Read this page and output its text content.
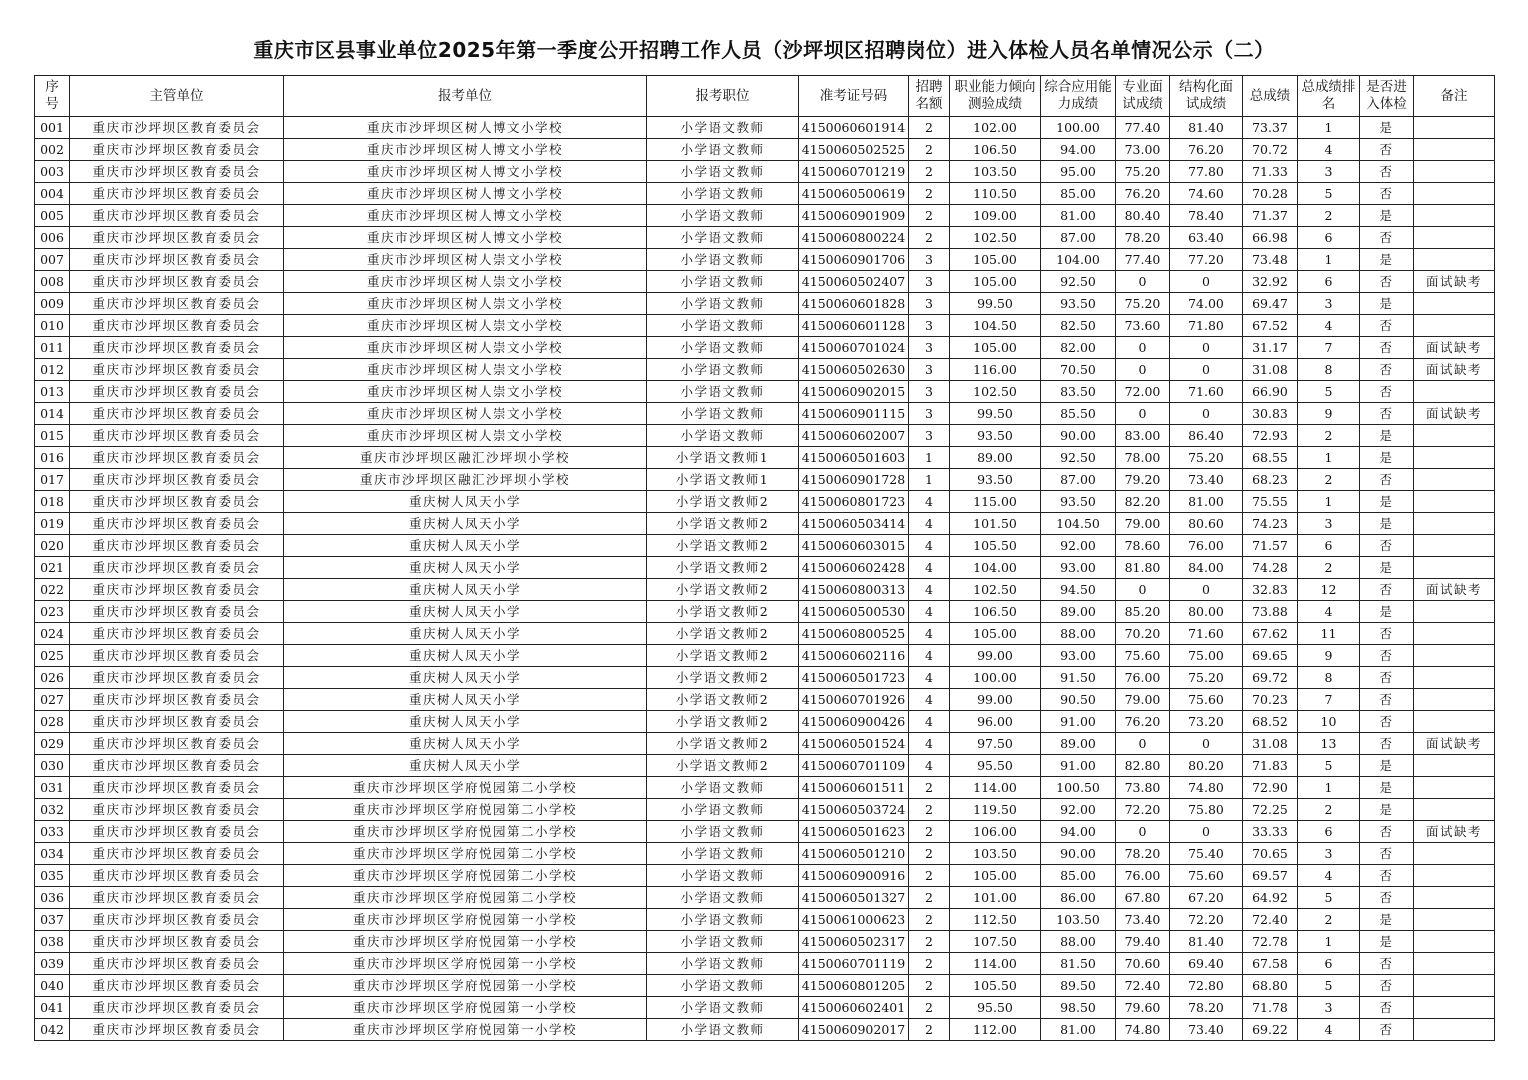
重庆市区县事业单位2025年第一季度公开招聘工作人员（沙坪坝区招聘岗位）进入体检人员名单情况公示（二）
序号	主管单位	报考单位	报考职位	准考证号码	招聘名额	职业能力倾向测验成绩	综合应用能力成绩	专业面试成绩	结构化面试成绩	总成绩	总成绩排名	是否进入体检	备注
001	重庆市沙坪坝区教育委员会	重庆市沙坪坝区树人博文小学校	小学语文教师	4150060601914	2	102.00	100.00	77.40	81.40	73.37	1	是	
002	重庆市沙坪坝区教育委员会	重庆市沙坪坝区树人博文小学校	小学语文教师	4150060502525	2	106.50	94.00	73.00	76.20	70.72	4	否	
003	重庆市沙坪坝区教育委员会	重庆市沙坪坝区树人博文小学校	小学语文教师	4150060701219	2	103.50	95.00	75.20	77.80	71.33	3	否	
004	重庆市沙坪坝区教育委员会	重庆市沙坪坝区树人博文小学校	小学语文教师	4150060500619	2	110.50	85.00	76.20	74.60	70.28	5	否	
005	重庆市沙坪坝区教育委员会	重庆市沙坪坝区树人博文小学校	小学语文教师	4150060901909	2	109.00	81.00	80.40	78.40	71.37	2	是	
006	重庆市沙坪坝区教育委员会	重庆市沙坪坝区树人博文小学校	小学语文教师	4150060800224	2	102.50	87.00	78.20	63.40	66.98	6	否	
007	重庆市沙坪坝区教育委员会	重庆市沙坪坝区树人崇文小学校	小学语文教师	4150060901706	3	105.00	104.00	77.40	77.20	73.48	1	是	
008	重庆市沙坪坝区教育委员会	重庆市沙坪坝区树人崇文小学校	小学语文教师	4150060502407	3	105.00	92.50	0	0	32.92	6	否	面试缺考
009	重庆市沙坪坝区教育委员会	重庆市沙坪坝区树人崇文小学校	小学语文教师	4150060601828	3	99.50	93.50	75.20	74.00	69.47	3	是	
010	重庆市沙坪坝区教育委员会	重庆市沙坪坝区树人崇文小学校	小学语文教师	4150060601128	3	104.50	82.50	73.60	71.80	67.52	4	否	
011	重庆市沙坪坝区教育委员会	重庆市沙坪坝区树人崇文小学校	小学语文教师	4150060701024	3	105.00	82.00	0	0	31.17	7	否	面试缺考
012	重庆市沙坪坝区教育委员会	重庆市沙坪坝区树人崇文小学校	小学语文教师	4150060502630	3	116.00	70.50	0	0	31.08	8	否	面试缺考
013	重庆市沙坪坝区教育委员会	重庆市沙坪坝区树人崇文小学校	小学语文教师	4150060902015	3	102.50	83.50	72.00	71.60	66.90	5	否	
014	重庆市沙坪坝区教育委员会	重庆市沙坪坝区树人崇文小学校	小学语文教师	4150060901115	3	99.50	85.50	0	0	30.83	9	否	面试缺考
015	重庆市沙坪坝区教育委员会	重庆市沙坪坝区树人崇文小学校	小学语文教师	4150060602007	3	93.50	90.00	83.00	86.40	72.93	2	是	
016	重庆市沙坪坝区教育委员会	重庆市沙坪坝区融汇沙坪坝小学校	小学语文教师1	4150060501603	1	89.00	92.50	78.00	75.20	68.55	1	是	
017	重庆市沙坪坝区教育委员会	重庆市沙坪坝区融汇沙坪坝小学校	小学语文教师1	4150060901728	1	93.50	87.00	79.20	73.40	68.23	2	否	
018	重庆市沙坪坝区教育委员会	重庆树人凤天小学	小学语文教师2	4150060801723	4	115.00	93.50	82.20	81.00	75.55	1	是	
019	重庆市沙坪坝区教育委员会	重庆树人凤天小学	小学语文教师2	4150060503414	4	101.50	104.50	79.00	80.60	74.23	3	是	
020	重庆市沙坪坝区教育委员会	重庆树人凤天小学	小学语文教师2	4150060603015	4	105.50	92.00	78.60	76.00	71.57	6	否	
021	重庆市沙坪坝区教育委员会	重庆树人凤天小学	小学语文教师2	4150060602428	4	104.00	93.00	81.80	84.00	74.28	2	是	
022	重庆市沙坪坝区教育委员会	重庆树人凤天小学	小学语文教师2	4150060800313	4	102.50	94.50	0	0	32.83	12	否	面试缺考
023	重庆市沙坪坝区教育委员会	重庆树人凤天小学	小学语文教师2	4150060500530	4	106.50	89.00	85.20	80.00	73.88	4	是	
024	重庆市沙坪坝区教育委员会	重庆树人凤天小学	小学语文教师2	4150060800525	4	105.00	88.00	70.20	71.60	67.62	11	否	
025	重庆市沙坪坝区教育委员会	重庆树人凤天小学	小学语文教师2	4150060602116	4	99.00	93.00	75.60	75.00	69.65	9	否	
026	重庆市沙坪坝区教育委员会	重庆树人凤天小学	小学语文教师2	4150060501723	4	100.00	91.50	76.00	75.20	69.72	8	否	
027	重庆市沙坪坝区教育委员会	重庆树人凤天小学	小学语文教师2	4150060701926	4	99.00	90.50	79.00	75.60	70.23	7	否	
028	重庆市沙坪坝区教育委员会	重庆树人凤天小学	小学语文教师2	4150060900426	4	96.00	91.00	76.20	73.20	68.52	10	否	
029	重庆市沙坪坝区教育委员会	重庆树人凤天小学	小学语文教师2	4150060501524	4	97.50	89.00	0	0	31.08	13	否	面试缺考
030	重庆市沙坪坝区教育委员会	重庆树人凤天小学	小学语文教师2	4150060701109	4	95.50	91.00	82.80	80.20	71.83	5	是	
031	重庆市沙坪坝区教育委员会	重庆市沙坪坝区学府悦园第二小学校	小学语文教师	4150060601511	2	114.00	100.50	73.80	74.80	72.90	1	是	
032	重庆市沙坪坝区教育委员会	重庆市沙坪坝区学府悦园第二小学校	小学语文教师	4150060503724	2	119.50	92.00	72.20	75.80	72.25	2	是	
033	重庆市沙坪坝区教育委员会	重庆市沙坪坝区学府悦园第二小学校	小学语文教师	4150060501623	2	106.00	94.00	0	0	33.33	6	否	面试缺考
034	重庆市沙坪坝区教育委员会	重庆市沙坪坝区学府悦园第二小学校	小学语文教师	4150060501210	2	103.50	90.00	78.20	75.40	70.65	3	否	
035	重庆市沙坪坝区教育委员会	重庆市沙坪坝区学府悦园第二小学校	小学语文教师	4150060900916	2	105.00	85.00	76.00	75.60	69.57	4	否	
036	重庆市沙坪坝区教育委员会	重庆市沙坪坝区学府悦园第二小学校	小学语文教师	4150060501327	2	101.00	86.00	67.80	67.20	64.92	5	否	
037	重庆市沙坪坝区教育委员会	重庆市沙坪坝区学府悦园第一小学校	小学语文教师	4150061000623	2	112.50	103.50	73.40	72.20	72.40	2	是	
038	重庆市沙坪坝区教育委员会	重庆市沙坪坝区学府悦园第一小学校	小学语文教师	4150060502317	2	107.50	88.00	79.40	81.40	72.78	1	是	
039	重庆市沙坪坝区教育委员会	重庆市沙坪坝区学府悦园第一小学校	小学语文教师	4150060701119	2	114.00	81.50	70.60	69.40	67.58	6	否	
040	重庆市沙坪坝区教育委员会	重庆市沙坪坝区学府悦园第一小学校	小学语文教师	4150060801205	2	105.50	89.50	72.40	72.80	68.80	5	否	
041	重庆市沙坪坝区教育委员会	重庆市沙坪坝区学府悦园第一小学校	小学语文教师	4150060602401	2	95.50	98.50	79.60	78.20	71.78	3	否	
042	重庆市沙坪坝区教育委员会	重庆市沙坪坝区学府悦园第一小学校	小学语文教师	4150060902017	2	112.00	81.00	74.80	73.40	69.22	4	否	
